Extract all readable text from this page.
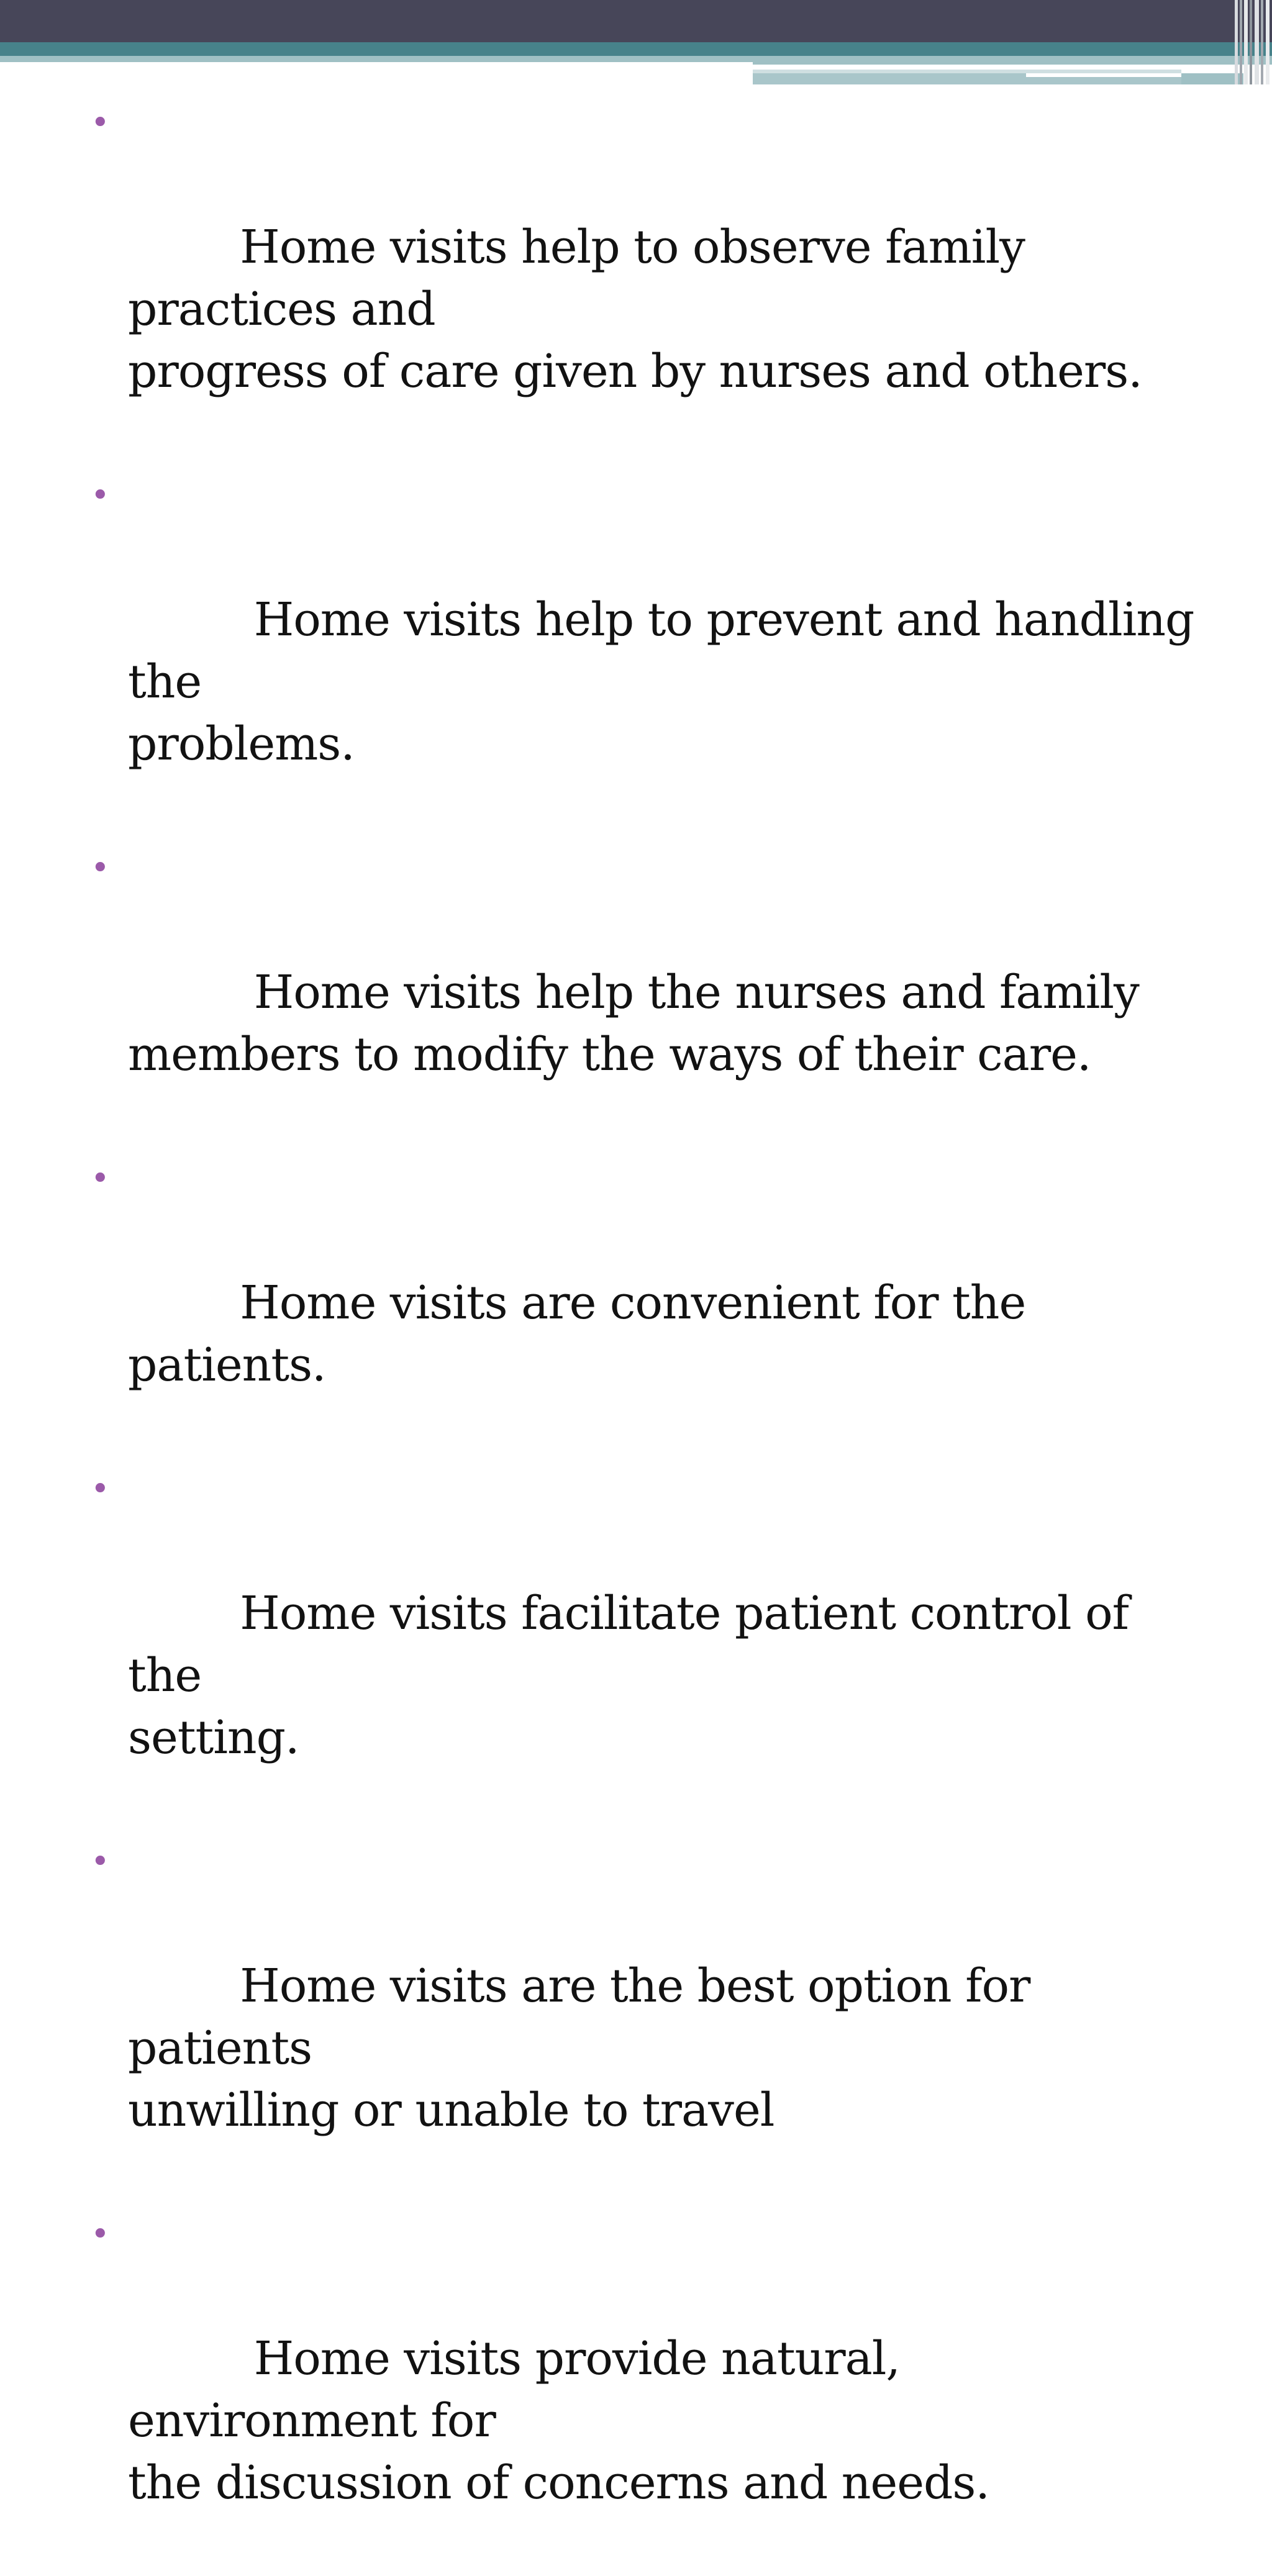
•

Home visits help to observe family practices and
progress of care given by nurses and others.

•

Home visits help to prevent and handling the
problems.

•

Home visits help the nurses and family
members to modify the ways of their care.

•

Home visits are convenient for the patients.

•

Home visits facilitate patient control of the
setting.

•

Home visits are the best option for patients
unwilling or unable to travel

•

Home visits provide natural, environment for
the discussion of concerns and needs.
